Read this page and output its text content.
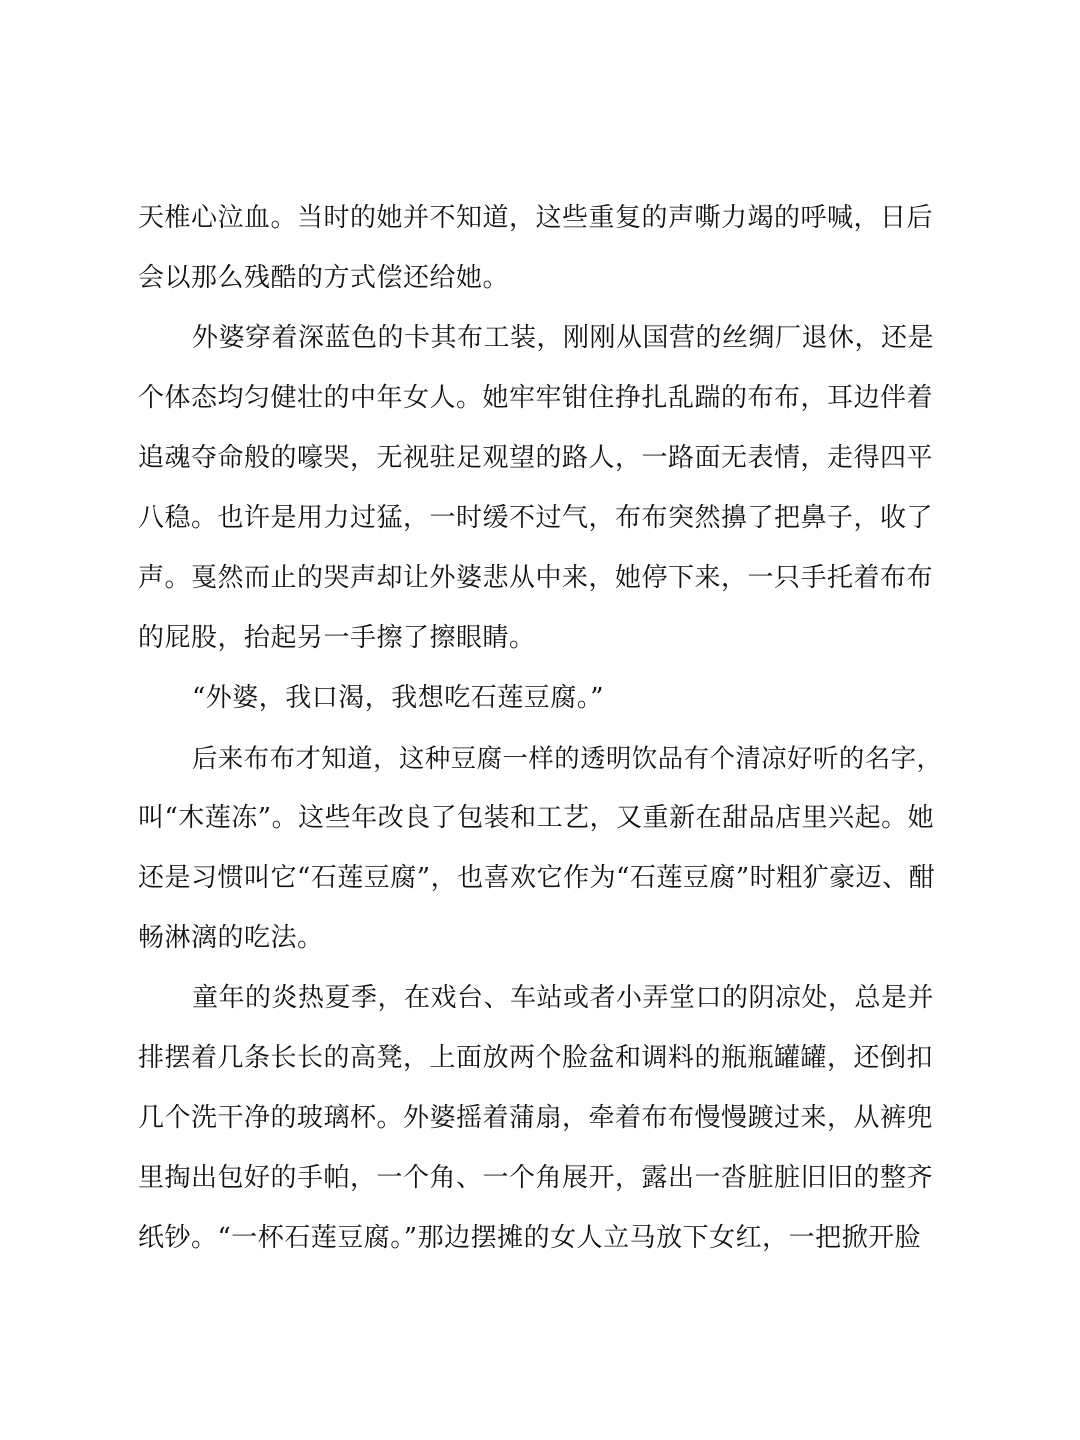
天椎心泣血。当时的她并不知道，这些重复的声嘶力竭的呼喊，日后
会以那么残酷的方式偿还给她。
外婆穿着深蓝色的卡其布工装，刚刚从国营的丝绸厂退休，还是
个体态均匀健壮的中年女人。她牢牢钳住挣扎乱踹的布布，耳边伴着
追魂夺命般的嚎哭，无视驻足观望的路人，一路面无表情，走得四平
八稳。也许是用力过猛，一时缓不过气，布布突然擤了把鼻子，收了
声。戛然而止的哭声却让外婆悲从中来，她停下来，一只手托着布布
的屁股，抬起另一手擦了擦眼睛。
“外婆，我口渴，我想吃石莲豆腐。”
后来布布才知道，这种豆腐一样的透明饮品有个清凉好听的名字，
叫“木莲冻”。这些年改良了包装和工艺，又重新在甜品店里兴起。她
还是习惯叫它“石莲豆腐”，也喜欢它作为“石莲豆腐”时粗犷豪迈、酣
畅淋漓的吃法。
童年的炎热夏季，在戏台、车站或者小弄堂口的阴凉处，总是并
排摆着几条长长的高凳，上面放两个脸盆和调料的瓶瓶罐罐，还倒扣
几个洗干净的玻璃杯。外婆摇着蒲扇，牵着布布慢慢踱过来，从裤兜
里掏出包好的手帕，一个角、一个角展开，露出一沓脏脏旧旧的整齐
纸钞。“一杯石莲豆腐。”那边摆摊的女人立马放下女红，一把掀开脸
